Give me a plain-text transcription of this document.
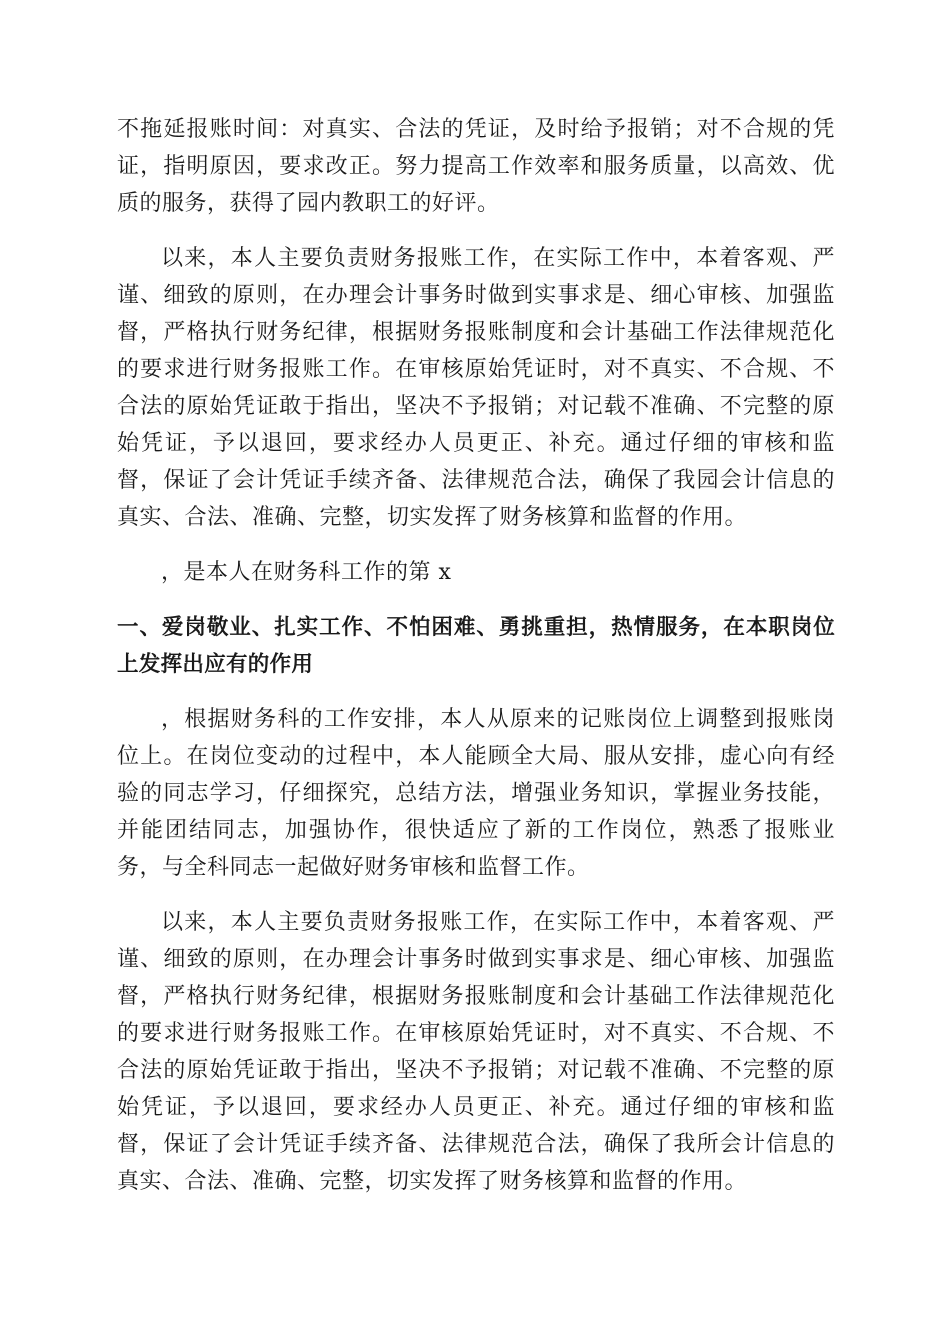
不拖延报账时间：对真实、合法的凭证，及时给予报销；对不合规的凭证，指明原因，要求改正。努力提高工作效率和服务质量，以高效、优质的服务，获得了园内教职工的好评。

以来，本人主要负责财务报账工作，在实际工作中，本着客观、严谨、细致的原则，在办理会计事务时做到实事求是、细心审核、加强监督，严格执行财务纪律，根据财务报账制度和会计基础工作法律规范化的要求进行财务报账工作。在审核原始凭证时，对不真实、不合规、不合法的原始凭证敢于指出，坚决不予报销；对记载不准确、不完整的原始凭证，予以退回，要求经办人员更正、补充。通过仔细的审核和监督，保证了会计凭证手续齐备、法律规范合法，确保了我园会计信息的真实、合法、准确、完整，切实发挥了财务核算和监督的作用。

，是本人在财务科工作的第 x

一、爱岗敬业、扎实工作、不怕困难、勇挑重担，热情服务，在本职岗位上发挥出应有的作用

，根据财务科的工作安排，本人从原来的记账岗位上调整到报账岗位上。在岗位变动的过程中，本人能顾全大局、服从安排，虚心向有经验的同志学习，仔细探究，总结方法，增强业务知识，掌握业务技能，并能团结同志，加强协作，很快适应了新的工作岗位，熟悉了报账业务，与全科同志一起做好财务审核和监督工作。

以来，本人主要负责财务报账工作，在实际工作中，本着客观、严谨、细致的原则，在办理会计事务时做到实事求是、细心审核、加强监督，严格执行财务纪律，根据财务报账制度和会计基础工作法律规范化的要求进行财务报账工作。在审核原始凭证时，对不真实、不合规、不合法的原始凭证敢于指出，坚决不予报销；对记载不准确、不完整的原始凭证，予以退回，要求经办人员更正、补充。通过仔细的审核和监督，保证了会计凭证手续齐备、法律规范合法，确保了我所会计信息的真实、合法、准确、完整，切实发挥了财务核算和监督的作用。
